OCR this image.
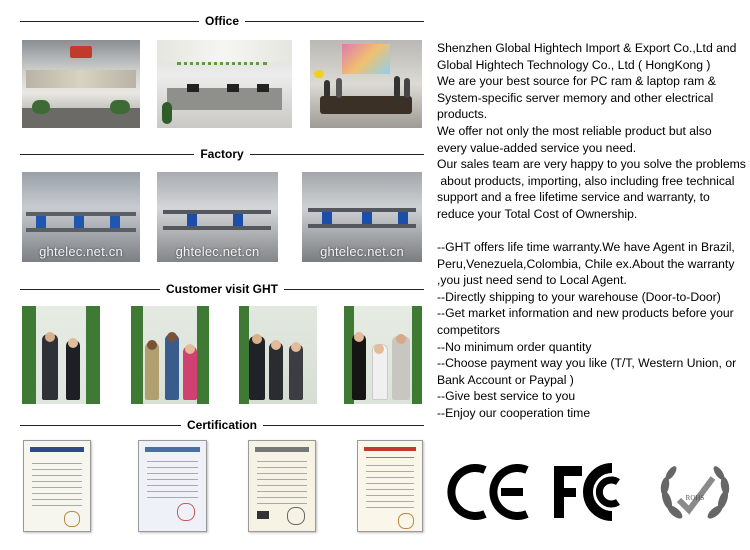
Office
Factory
Customer visit GHT
Certification
ghtelec.net.cn	ghtelec.net.cn	ghtelec.net.cn

Shenzhen Global Hightech Import & Export Co.,Ltd and

Global Hightech Technology Co., Ltd ( HongKong )

We are your best source for PC ram & laptop ram &

System-specific server memory and other electrical

products.

We offer not only the most reliable product but also

every value-added service you need.

Our sales team are very happy to you solve the problems

about products, importing, also including free technical

support and a free lifetime service and warranty, to

reduce your Total Cost of Ownership.

--GHT offers life time warranty.We have Agent in Brazil,

Peru,Venezuela,Colombia, Chile ex.About the warranty

,you just need send to Local Agent.

--Directly shipping to your warehouse (Door-to-Door)

--Get market information and new products before your

competitors

--No minimum order quantity

--Choose payment way you like (T/T, Western Union, or

Bank Account or Paypal )

--Give best service to you

--Enjoy our cooperation time

ROHS
